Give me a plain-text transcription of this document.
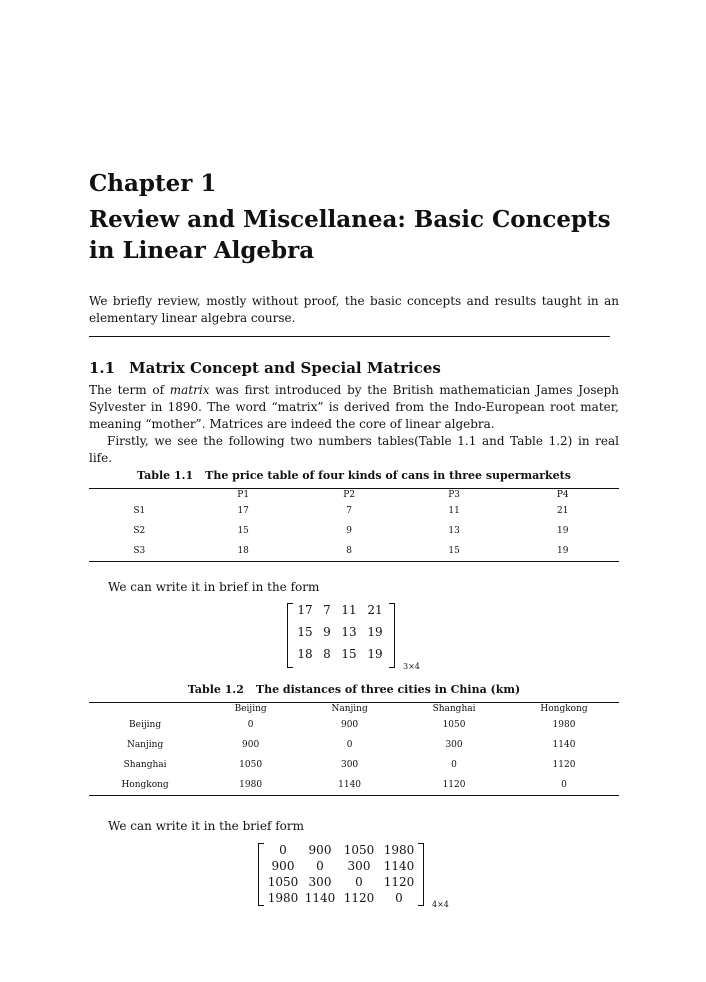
Chapter 1
Review and Miscellanea: Basic Concepts in Linear Algebra
We briefly review, mostly without proof, the basic concepts and results taught in an elementary linear algebra course.
1.1 Matrix Concept and Special Matrices

The term of matrix was first introduced by the British mathematician James Joseph Sylvester in 1890. The word “matrix” is derived from the Indo-European root mater, meaning “mother”. Matrices are indeed the core of linear algebra.

Firstly, we see the following two numbers tables(Table 1.1 and Table 1.2) in real life.

Table 1.1 The price table of four kinds of cans in three supermarkets
	P1	P2	P3	P4
S1	17	7	11	21
S2	15	9	13	19
S3	18	8	15	19
We can write it in brief in the form
17 7 11 21
15 9 13 19
18 8 15 19
3×4
Table 1.2 The distances of three cities in China (km)
	Beijing	Nanjing	Shanghai	Hongkong
Beijing	0	900	1050	1980
Nanjing	900	0	300	1140
Shanghai	1050	300	0	1120
Hongkong	1980	1140	1120	0
We can write it in the brief form
0	900	1050 1980
900	0	300	1140
1050 300	0	1120
1980 1140 1120	0	4×4
